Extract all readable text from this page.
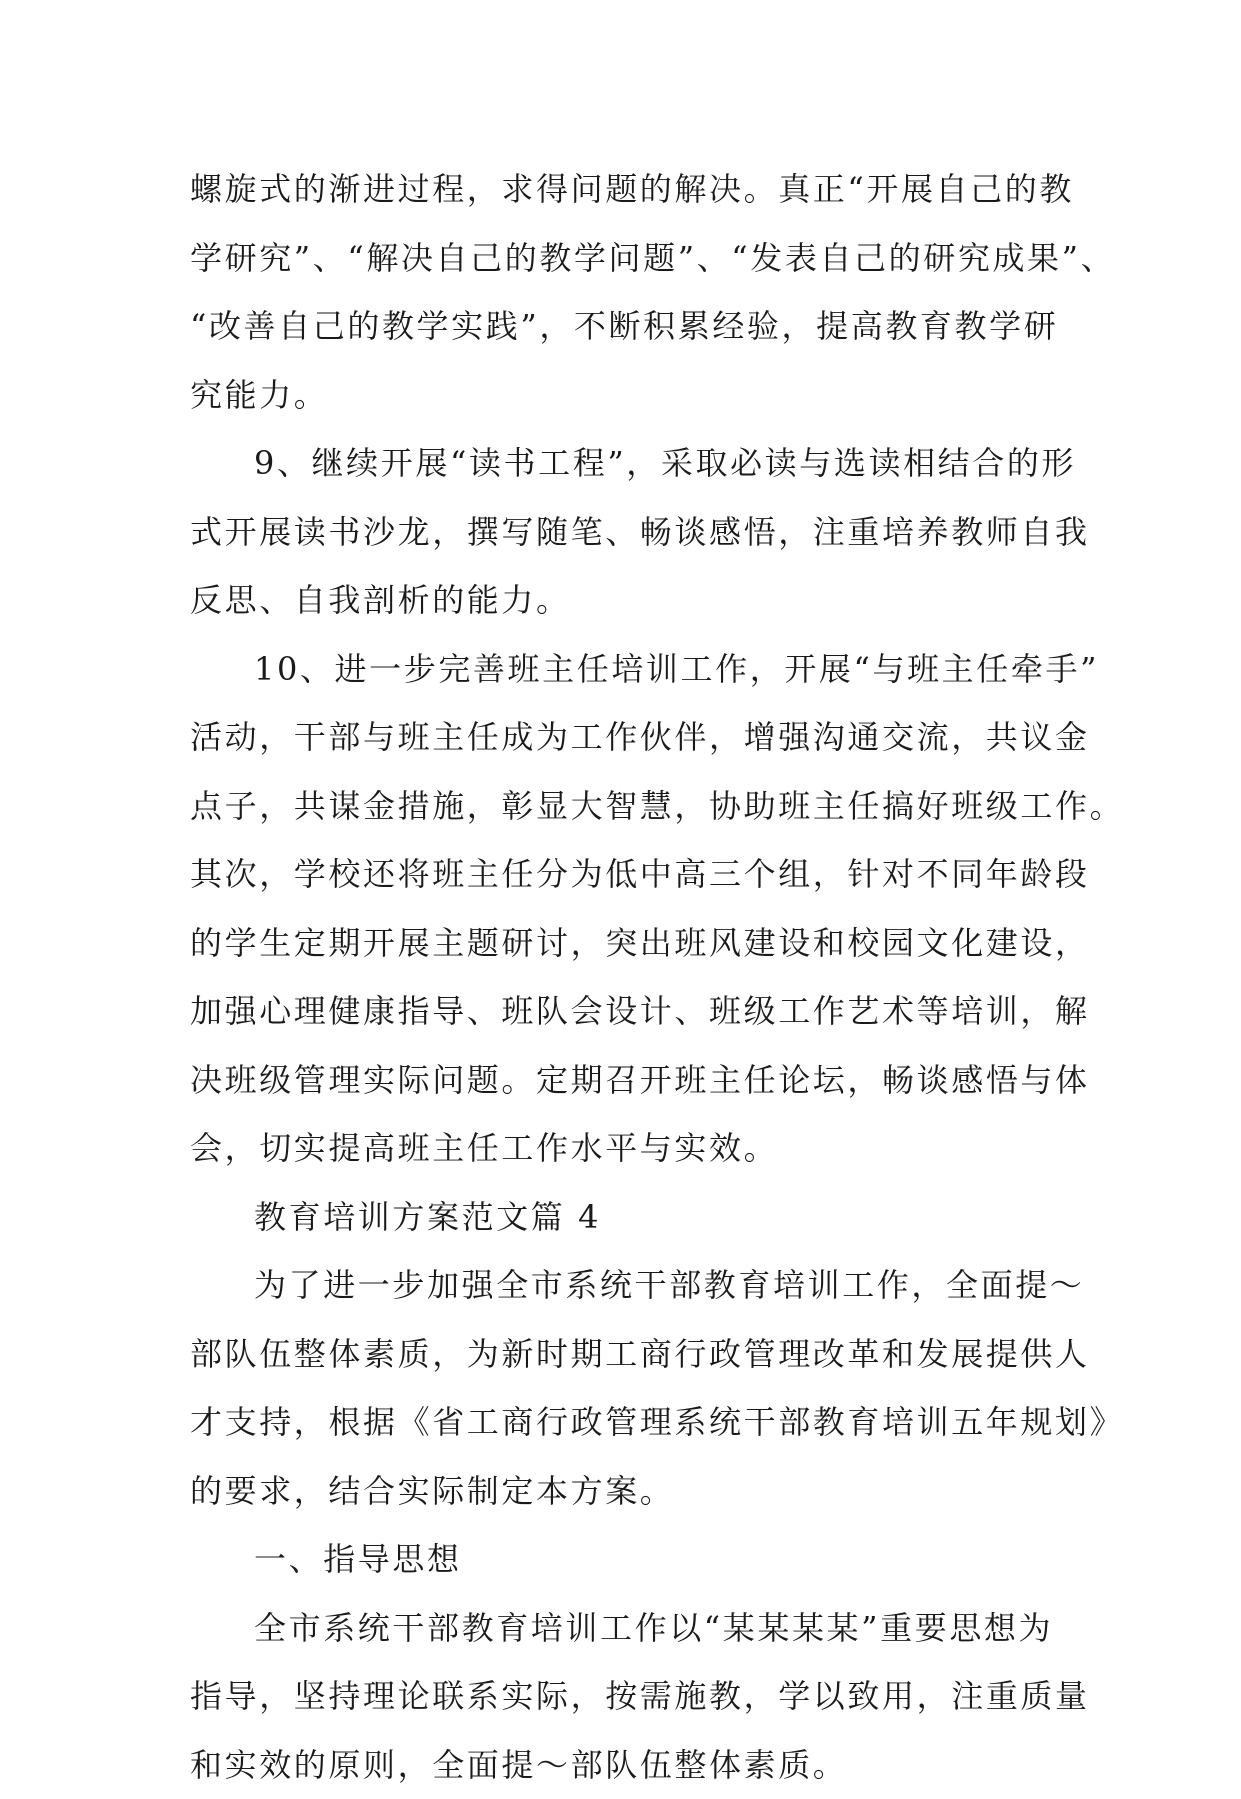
螺旋式的渐进过程，求得问题的解决。真正“开展自己的教
学研究”、“解决自己的教学问题”、“发表自己的研究成果”、
“改善自己的教学实践”，不断积累经验，提高教育教学研
究能力。
9、继续开展“读书工程”，采取必读与选读相结合的形
式开展读书沙龙，撰写随笔、畅谈感悟，注重培养教师自我
反思、自我剖析的能力。
10、进一步完善班主任培训工作，开展“与班主任牵手”
活动，干部与班主任成为工作伙伴，增强沟通交流，共议金
点子，共谋金措施，彰显大智慧，协助班主任搞好班级工作。
其次，学校还将班主任分为低中高三个组，针对不同年龄段
的学生定期开展主题研讨，突出班风建设和校园文化建设，
加强心理健康指导、班队会设计、班级工作艺术等培训，解
决班级管理实际问题。定期召开班主任论坛，畅谈感悟与体
会，切实提高班主任工作水平与实效。
教育培训方案范文篇 4
为了进一步加强全市系统干部教育培训工作，全面提～
部队伍整体素质，为新时期工商行政管理改革和发展提供人
才支持，根据《省工商行政管理系统干部教育培训五年规划》
的要求，结合实际制定本方案。
一、指导思想
全市系统干部教育培训工作以“某某某某”重要思想为
指导，坚持理论联系实际，按需施教，学以致用，注重质量
和实效的原则，全面提～部队伍整体素质。
